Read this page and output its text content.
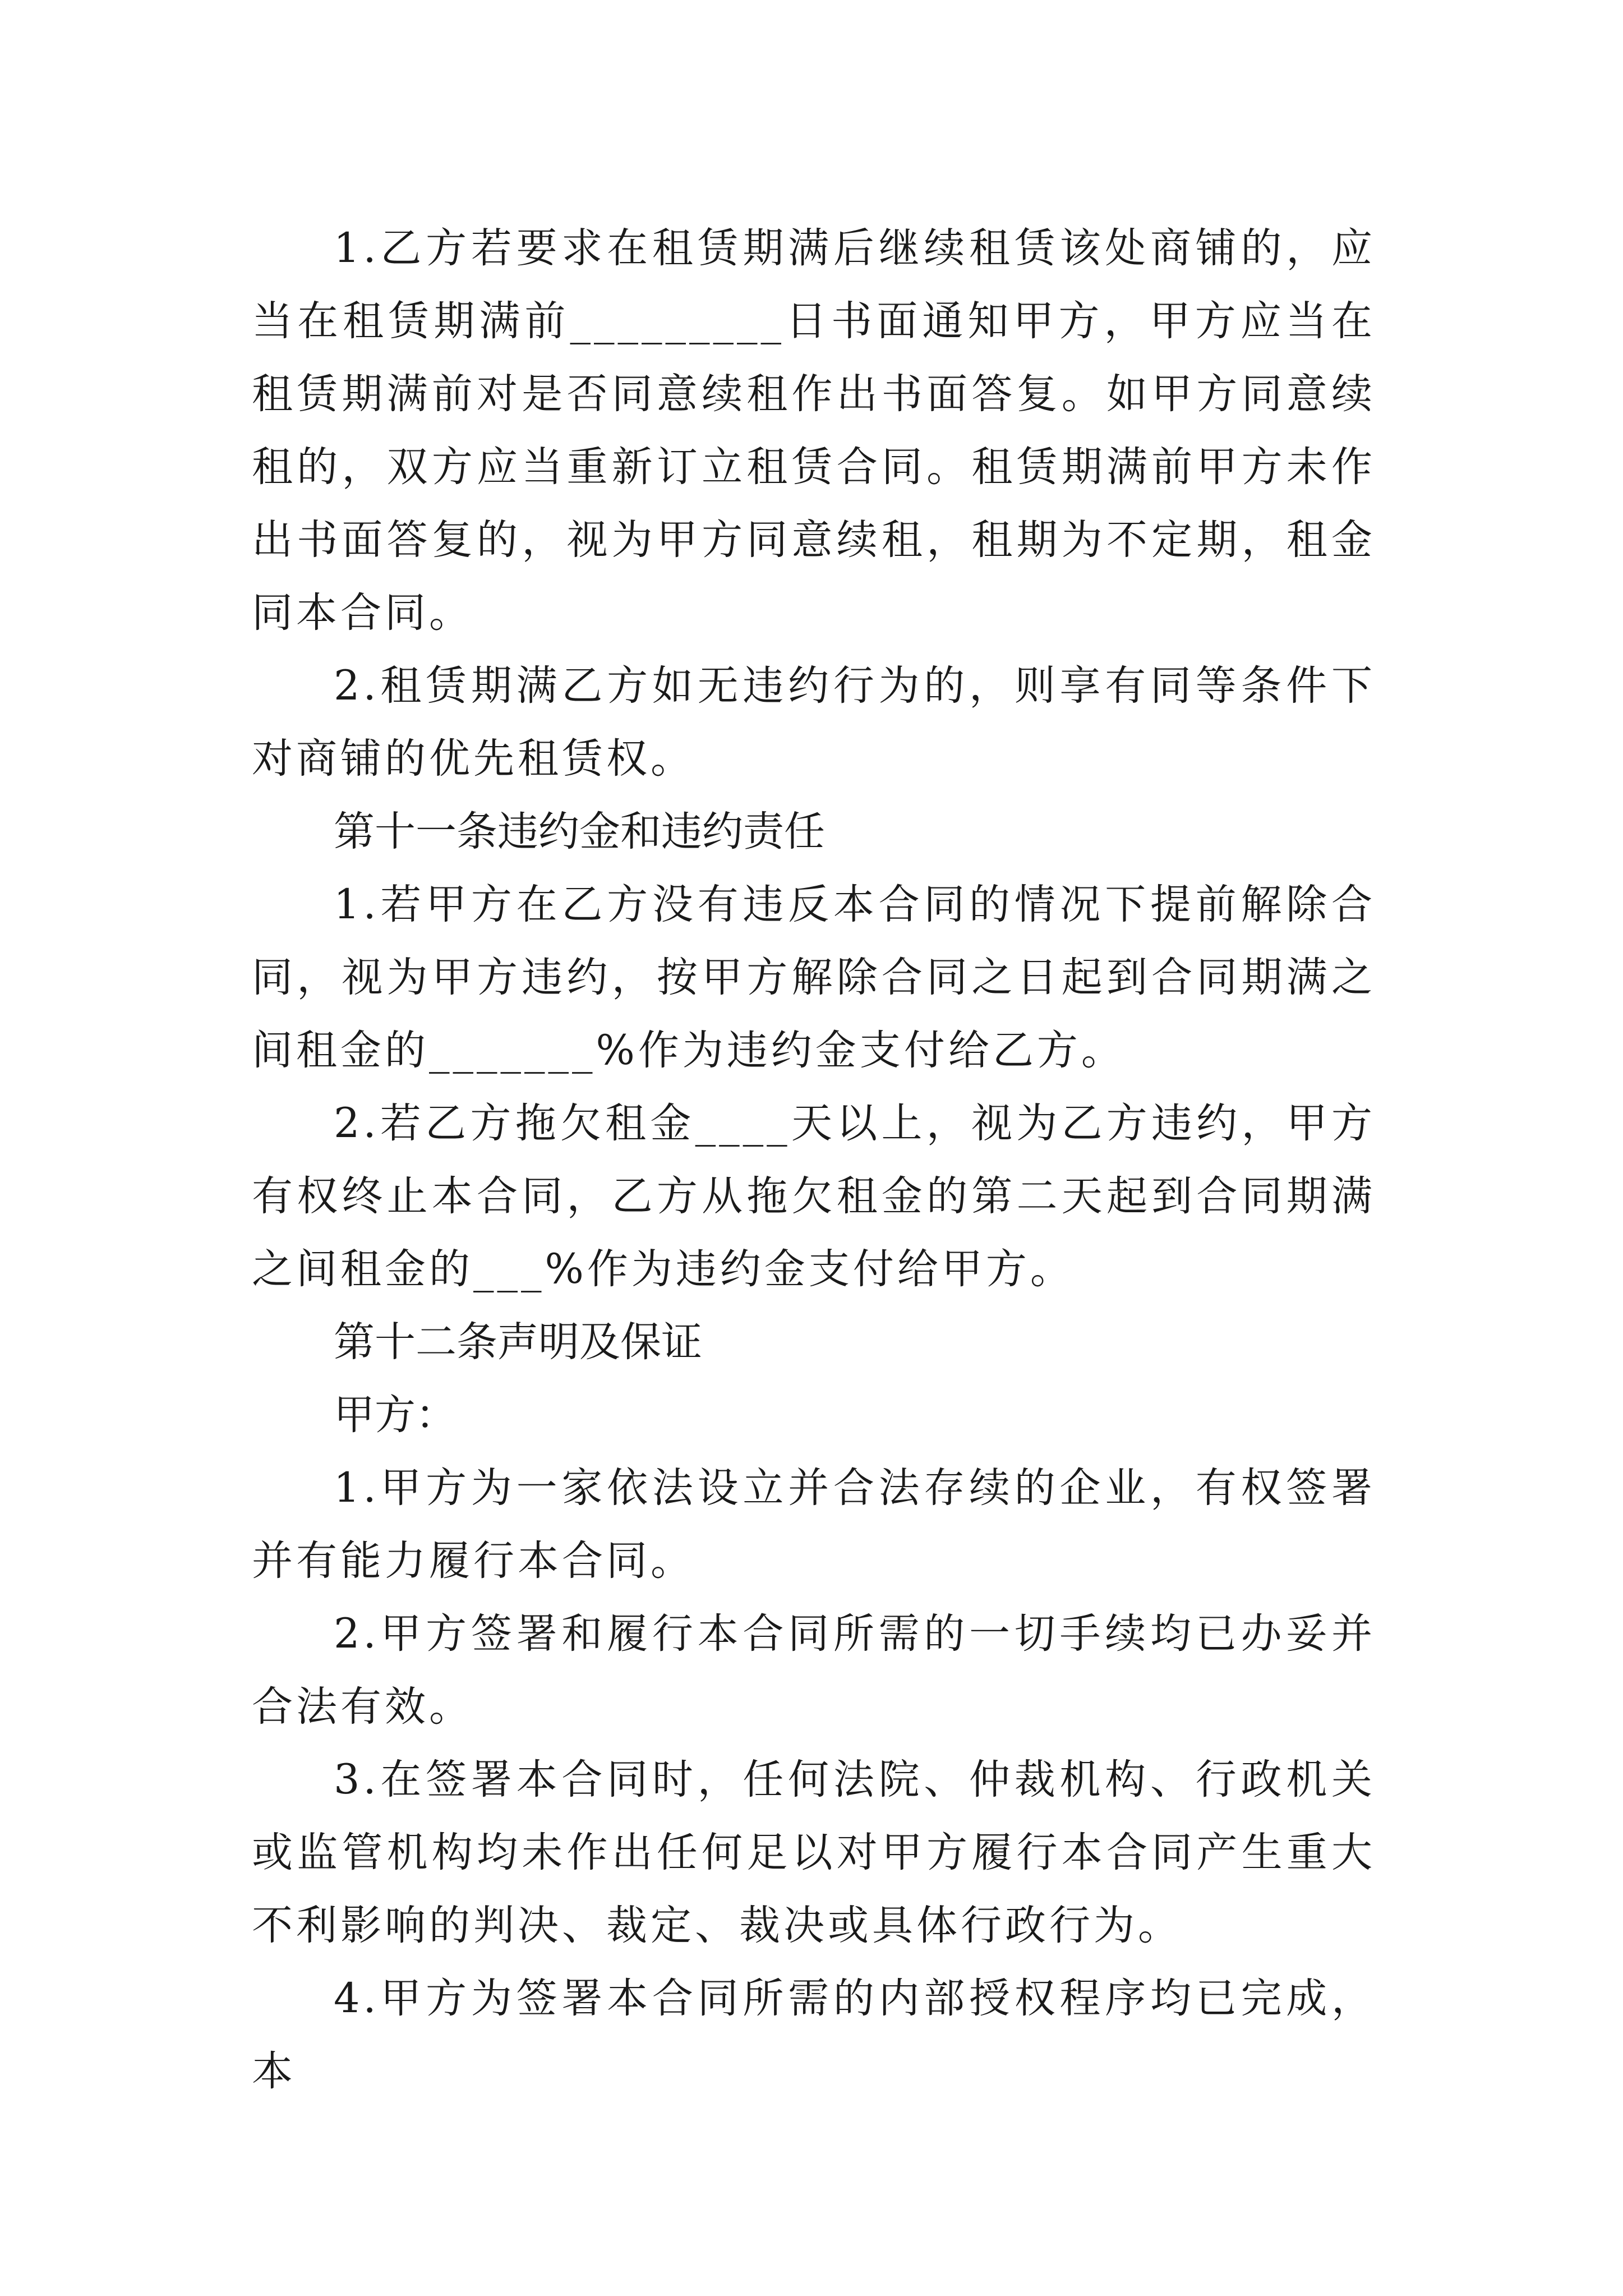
1.乙方若要求在租赁期满后继续租赁该处商铺的，应当在租赁期满前_________日书面通知甲方，甲方应当在租赁期满前对是否同意续租作出书面答复。如甲方同意续租的，双方应当重新订立租赁合同。租赁期满前甲方未作出书面答复的，视为甲方同意续租，租期为不定期，租金同本合同。

2.租赁期满乙方如无违约行为的，则享有同等条件下对商铺的优先租赁权。

第十一条违约金和违约责任

1.若甲方在乙方没有违反本合同的情况下提前解除合同，视为甲方违约，按甲方解除合同之日起到合同期满之间租金的_______%作为违约金支付给乙方。

2.若乙方拖欠租金____天以上，视为乙方违约，甲方有权终止本合同，乙方从拖欠租金的第二天起到合同期满之间租金的___%作为违约金支付给甲方。

第十二条声明及保证

甲方：

1.甲方为一家依法设立并合法存续的企业，有权签署并有能力履行本合同。

2.甲方签署和履行本合同所需的一切手续均已办妥并合法有效。

3.在签署本合同时，任何法院、仲裁机构、行政机关或监管机构均未作出任何足以对甲方履行本合同产生重大不利影响的判决、裁定、裁决或具体行政行为。

4.甲方为签署本合同所需的内部授权程序均已完成，本
